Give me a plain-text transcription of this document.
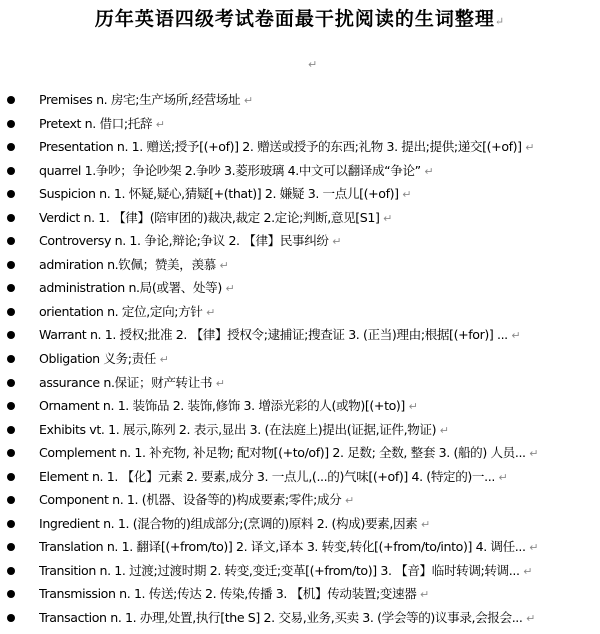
历年英语四级考试卷面最干扰阅读的生词整理↵
↵
Premises n. 房宅;生产场所,经营场址 ↵
Pretext n. 借口;托辞 ↵
Presentation n. 1. 赠送;授予[(+of)] 2. 赠送或授予的东西;礼物 3. 提出;提供;递交[(+of)] ↵
quarrel 1.争吵；争论吵架 2.争吵 3.菱形玻璃 4.中文可以翻译成“争论” ↵
Suspicion n. 1. 怀疑,疑心,猜疑[+(that)] 2. 嫌疑 3. 一点儿[(+of)] ↵
Verdict n. 1. 【律】(陪审团的)裁决,裁定 2.定论;判断,意见[S1] ↵
Controversy n. 1. 争论,辩论;争议 2. 【律】民事纠纷 ↵
admiration n.钦佩；赞美，羡慕 ↵
administration n.局(或署、处等) ↵
orientation n. 定位,定向;方针 ↵
Warrant n. 1. 授权;批准 2. 【律】授权令;逮捕证;搜查证 3. (正当)理由;根据[(+for)] ... ↵
Obligation 义务;责任 ↵
assurance n.保证；财产转让书 ↵
Ornament n. 1. 装饰品 2. 装饰,修饰 3. 增添光彩的人(或物)[(+to)] ↵
Exhibits vt. 1. 展示,陈列 2. 表示,显出 3. (在法庭上)提出(证据,证件,物证) ↵
Complement n. 1. 补充物, 补足物; 配对物[(+to/of)] 2. 足数; 全数, 整套 3. (船的) 人员... ↵
Element n. 1. 【化】元素 2. 要素,成分 3. 一点儿,(...的)气味[(+of)] 4. (特定的)一... ↵
Component n. 1. (机器、设备等的)构成要素;零件;成分 ↵
Ingredient n. 1. (混合物的)组成部分;(烹调的)原料 2. (构成)要素,因素 ↵
Translation n. 1. 翻译[(+from/to)] 2. 译文,译本 3. 转变,转化[(+from/to/into)] 4. 调任... ↵
Transition n. 1. 过渡;过渡时期 2. 转变,变迁;变革[(+from/to)] 3. 【音】临时转调;转调... ↵
Transmission n. 1. 传送;传达 2. 传染,传播 3. 【机】传动装置;变速器 ↵
Transaction n. 1. 办理,处置,执行[the S] 2. 交易,业务,买卖 3. (学会等的)议事录,会报会... ↵
